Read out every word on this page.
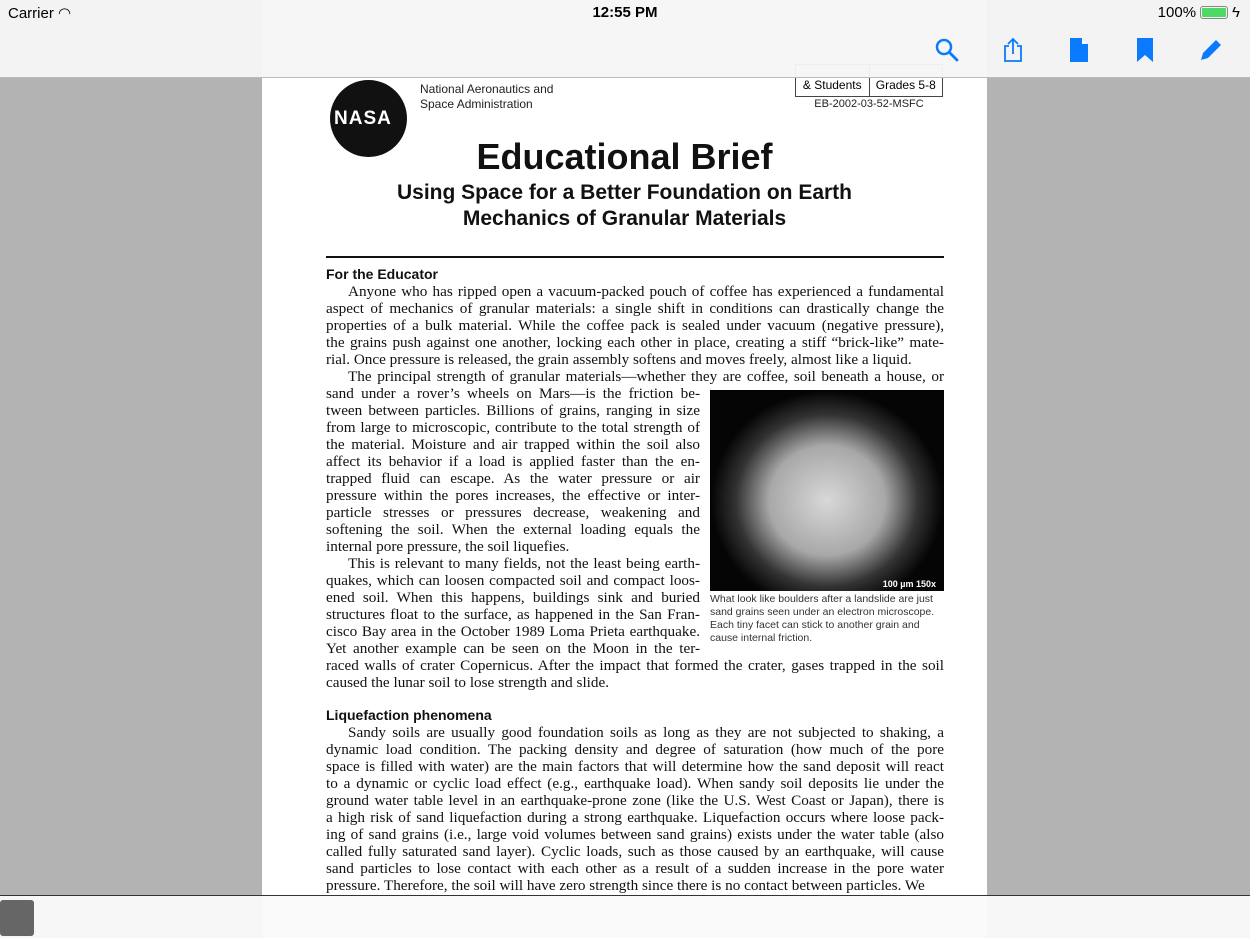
NASA
National Aeronautics and
Space Administration
& Students	Grades 5-8
EB-2002-03-52-MSFC
Educational Brief
Using Space for a Better Foundation on Earth
Mechanics of Granular Materials
For the Educator
Anyone who has ripped open a vacuum-packed pouch of coffee has experienced a fundamental
aspect of mechanics of granular materials: a single shift in conditions can drastically change the
properties of a bulk material. While the coffee pack is sealed under vacuum (negative pressure),
the grains push against one another, locking each other in place, creating a stiff “brick-like” mate-
rial. Once pressure is released, the grain assembly softens and moves freely, almost like a liquid.
The principal strength of granular materials—whether they are coffee, soil beneath a house, or
100 µm 150x
What look like boulders after a landslide are just
sand grains seen under an electron microscope.
Each tiny facet can stick to another grain and
cause internal friction.
sand under a rover’s wheels on Mars—is the friction be-
tween between particles. Billions of grains, ranging in size
from large to microscopic, contribute to the total strength of
the material. Moisture and air trapped within the soil also
affect its behavior if a load is applied faster than the en-
trapped fluid can escape. As the water pressure or air
pressure within the pores increases, the effective or inter-
particle stresses or pressures decrease, weakening and
softening the soil. When the external loading equals the
internal pore pressure, the soil liquefies.
This is relevant to many fields, not the least being earth-
quakes, which can loosen compacted soil and compact loos-
ened soil. When this happens, buildings sink and buried
structures float to the surface, as happened in the San Fran-
cisco Bay area in the October 1989 Loma Prieta earthquake.
Yet another example can be seen on the Moon in the ter-
raced walls of crater Copernicus. After the impact that formed the crater, gases trapped in the soil
caused the lunar soil to lose strength and slide.
Liquefaction phenomena
Sandy soils are usually good foundation soils as long as they are not subjected to shaking, a
dynamic load condition. The packing density and degree of saturation (how much of the pore
space is filled with water) are the main factors that will determine how the sand deposit will react
to a dynamic or cyclic load effect (e.g., earthquake load). When sandy soil deposits lie under the
ground water table level in an earthquake-prone zone (like the U.S. West Coast or Japan), there is
a high risk of sand liquefaction during a strong earthquake. Liquefaction occurs where loose pack-
ing of sand grains (i.e., large void volumes between sand grains) exists under the water table (also
called fully saturated sand layer). Cyclic loads, such as those caused by an earthquake, will cause
sand particles to lose contact with each other as a result of a sudden increase in the pore water
pressure. Therefore, the soil will have zero strength since there is no contact between particles. We
Carrier ◠	12:55 PM	100% ϟ
